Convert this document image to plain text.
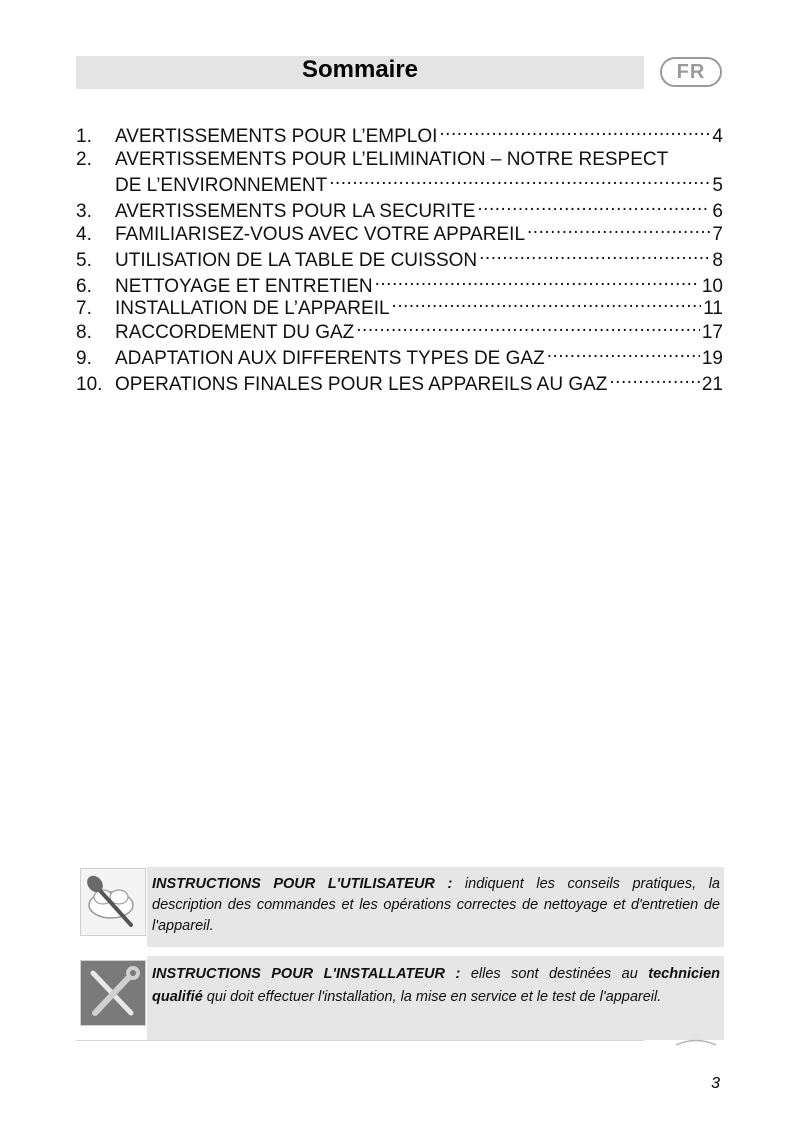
Sommaire	FR
1.	AVERTISSEMENTS POUR L’EMPLOI .....	4
2.	AVERTISSEMENTS POUR L’ELIMINATION – NOTRE RESPECT
DE L’ENVIRONNEMENT .....	5
3.	AVERTISSEMENTS POUR LA SECURITE .....	6
4.	FAMILIARISEZ-VOUS AVEC VOTRE APPAREIL .....	7
5.	UTILISATION DE LA TABLE DE CUISSON .....	8
6.	NETTOYAGE ET ENTRETIEN .....	10
7.	INSTALLATION DE L’APPAREIL .....	11
8.	RACCORDEMENT DU GAZ .....	17
9.	ADAPTATION AUX DIFFERENTS TYPES DE GAZ .....	19
10. OPERATIONS FINALES POUR LES APPAREILS AU GAZ .....	21
INSTRUCTIONS POUR L'UTILISATEUR : indiquent les conseils pratiques, la description des commandes et les opérations correctes de nettoyage et d'entretien de l'appareil.
INSTRUCTIONS POUR L'INSTALLATEUR : elles sont destinées au technicien qualifié qui doit effectuer l'installation, la mise en service et le test de l'appareil.
3
